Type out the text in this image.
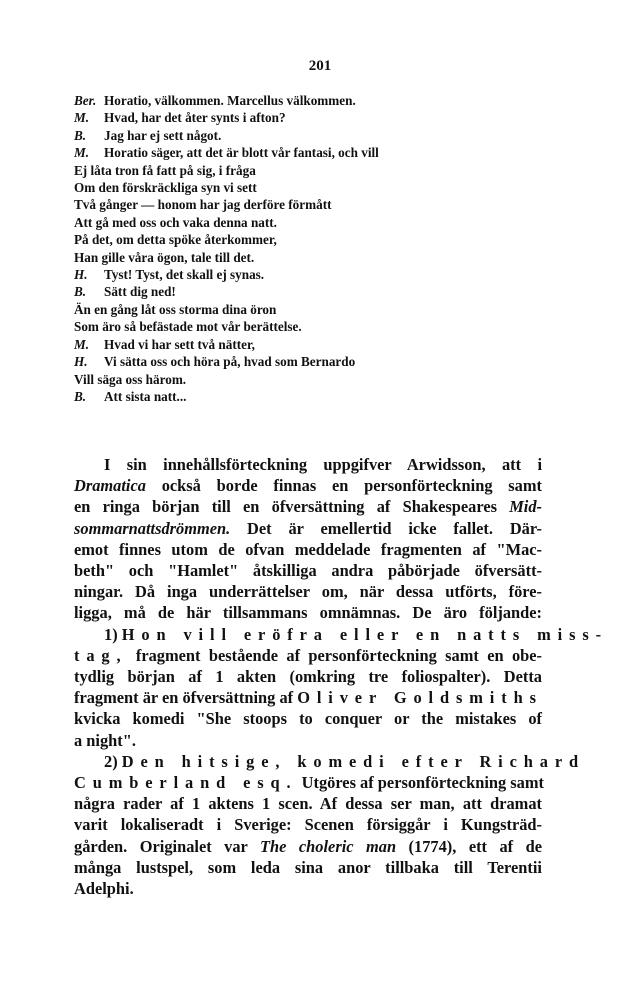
201
Ber. Horatio, välkommen. Marcellus välkommen.
M. Hvad, har det åter synts i afton?
B. Jag har ej sett något.
M. Horatio säger, att det är blott vår fantasi, och vill
Ej låta tron få fatt på sig, i fråga
Om den förskräckliga syn vi sett
Två gånger — honom har jag derföre förmått
Att gå med oss och vaka denna natt.
På det, om detta spöke återkommer,
Han gille våra ögon, tale till det.
H. Tyst! Tyst, det skall ej synas.
B. Sätt dig ned!
Än en gång låt oss storma dina öron
Som äro så befästade mot vår berättelse.
M. Hvad vi har sett två nätter,
H. Vi sätta oss och höra på, hvad som Bernardo
Vill säga oss härom.
B. Att sista natt...
I sin innehållsförteckning uppgifver Arwidsson, att i
Dramatica också borde finnas en personförteckning samt
en ringa början till en öfversättning af Shakespeares Mid-
sommarnattsdrömmen. Det är emellertid icke fallet. Där-
emot finnes utom de ofvan meddelade fragmenten af "Mac-
beth" och "Hamlet" åtskilliga andra påbörjade öfversätt-
ningar. Då inga underrättelser om, när dessa utförts, före-
ligga, må de här tillsammans omnämnas. De äro följande:
1) Hon vill eröfra eller en natts miss-
tag, fragment bestående af personförteckning samt en obe-
tydlig början af 1 akten (omkring tre foliospalter). Detta
fragment är en öfversättning af Oliver Goldsmiths
kvicka komedi "She stoops to conquer or the mistakes of
a night".
2) Den hitsige, komedi efter Richard
Cumberland esq. Utgöres af personförteckning samt
några rader af 1 aktens 1 scen. Af dessa ser man, att dramat
varit lokaliseradt i Sverige: Scenen försiggår i Kungsträd-
gården. Originalet var The choleric man (1774), ett af de
många lustspel, som leda sina anor tillbaka till Terentii
Adelphi.
